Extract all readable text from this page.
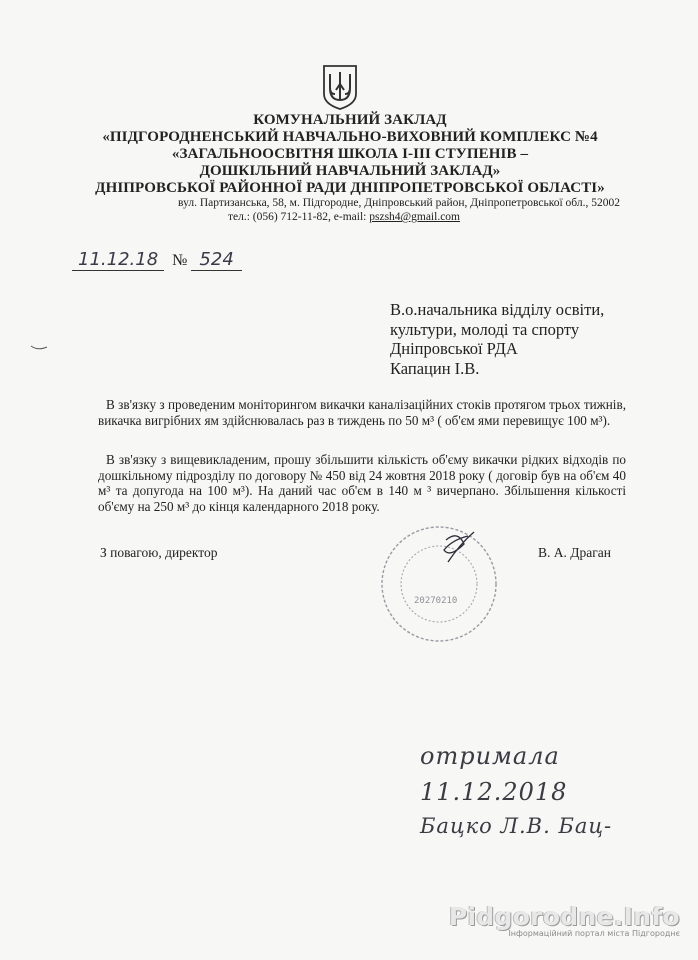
КОМУНАЛЬНИЙ ЗАКЛАД
«ПІДГОРОДНЕНСЬКИЙ НАВЧАЛЬНО-ВИХОВНИЙ КОМПЛЕКС №4
«ЗАГАЛЬНООСВІТНЯ ШКОЛА І-ІІІ СТУПЕНІВ –
ДОШКІЛЬНИЙ НАВЧАЛЬНИЙ ЗАКЛАД»
ДНІПРОВСЬКОЇ РАЙОННОЇ РАДИ ДНІПРОПЕТРОВСЬКОЇ ОБЛАСТІ»
вул. Партизанська, 58, м. Підгородне, Дніпровський район, Дніпропетровської обл., 52002
тел.: (056) 712-11-82, e-mail: pszsh4@gmail.com
11.12.18 № 524
В.о.начальника відділу освіти,
культури, молоді та спорту
Дніпровської РДА
Капацин І.В.
В зв'язку з проведеним моніторингом викачки каналізаційних стоків протягом трьох тижнів, викачка вигрібних ям здійснювалась раз в тиждень по 50 м³ ( об'єм ями перевищує 100 м³).
В зв'язку з вищевикладеним, прошу збільшити кількість об'єму викачки рідких відходів по дошкільному підрозділу по договору № 450 від 24 жовтня 2018 року ( договір був на об'єм 40 м³ та допугода на 100 м³). На даний час об'єм в 140 м ³ вичерпано. Збільшення кількості об'єму на 250 м³ до кінця календарного 2018 року.
З повагою, директор	В. А. Драган
20270210
отримала
11.12.2018
Бацко Л.В. Бац-
Pidgorodne.Info
Інформаційний портал міста Підгороднє
